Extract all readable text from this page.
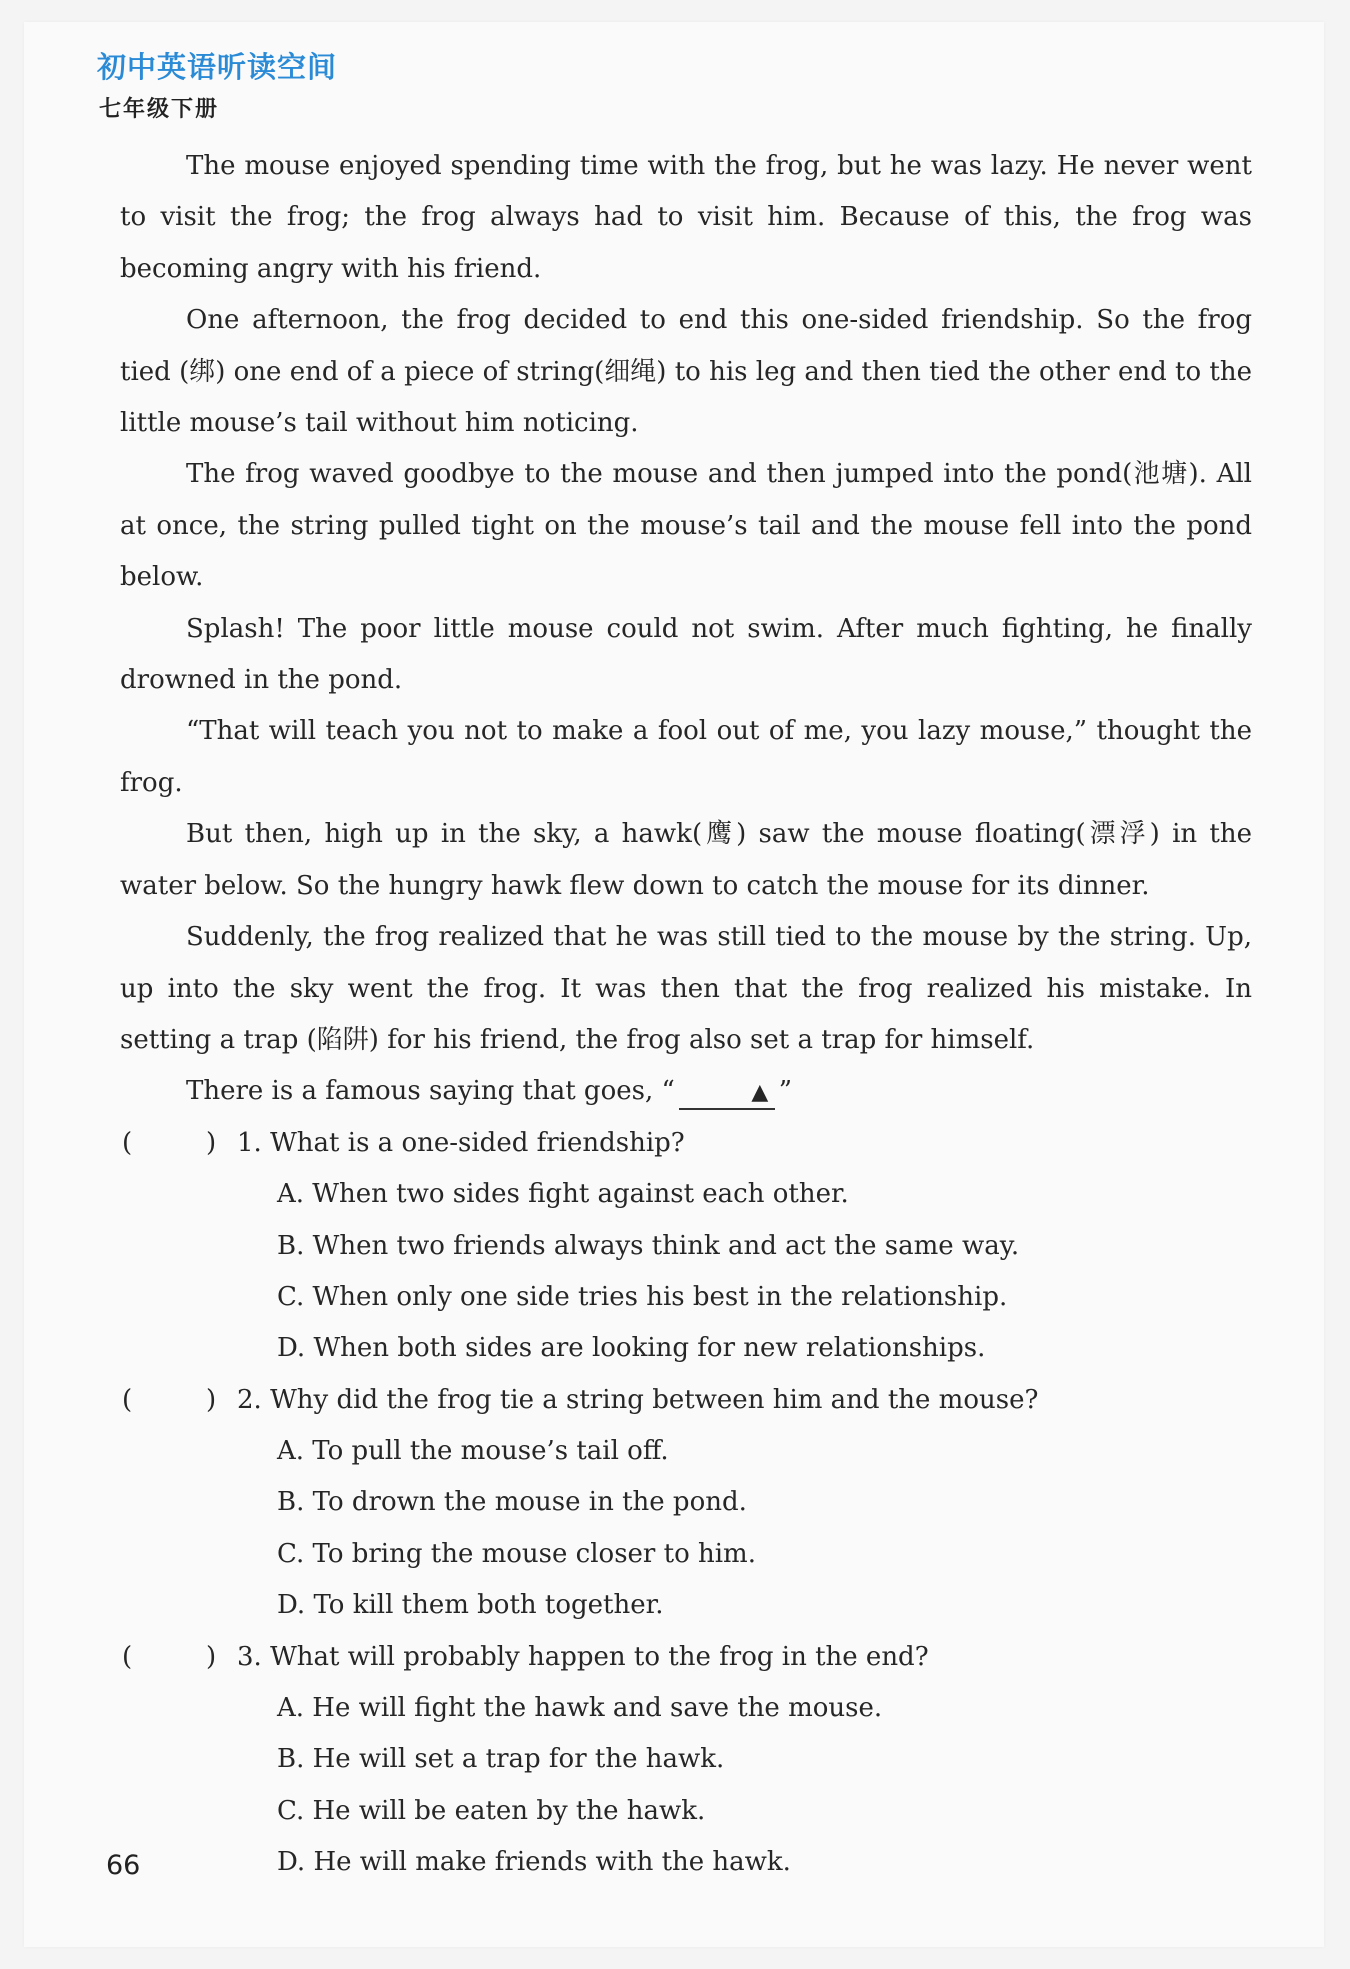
初中英语听读空间
七年级下册

The mouse enjoyed spending time with the frog, but he was lazy. He never went to visit the frog; the frog always had to visit him. Because of this, the frog was becoming angry with his friend.

One afternoon, the frog decided to end this one-sided friendship. So the frog tied (绑) one end of a piece of string(细绳) to his leg and then tied the other end to the little mouse’s tail without him noticing.

The frog waved goodbye to the mouse and then jumped into the pond(池塘). All at once, the string pulled tight on the mouse’s tail and the mouse fell into the pond below.

Splash! The poor little mouse could not swim. After much fighting, he finally drowned in the pond.

“That will teach you not to make a fool out of me, you lazy mouse,” thought the frog.

But then, high up in the sky, a hawk(鹰) saw the mouse floating(漂浮) in the water below. So the hungry hawk flew down to catch the mouse for its dinner.

Suddenly, the frog realized that he was still tied to the mouse by the string. Up, up into the sky went the frog. It was then that the frog realized his mistake. In setting a trap (陷阱) for his friend, the frog also set a trap for himself.

There is a famous saying that goes, “	▲ ”

(	) 1. What is a one-sided friendship?
A. When two sides fight against each other.
B. When two friends always think and act the same way.
C. When only one side tries his best in the relationship.
D. When both sides are looking for new relationships.
(	) 2. Why did the frog tie a string between him and the mouse?
A. To pull the mouse’s tail off.
B. To drown the mouse in the pond.
C. To bring the mouse closer to him.
D. To kill them both together.
(	) 3. What will probably happen to the frog in the end?
A. He will fight the hawk and save the mouse.
B. He will set a trap for the hawk.
C. He will be eaten by the hawk.
D. He will make friends with the hawk.
66
